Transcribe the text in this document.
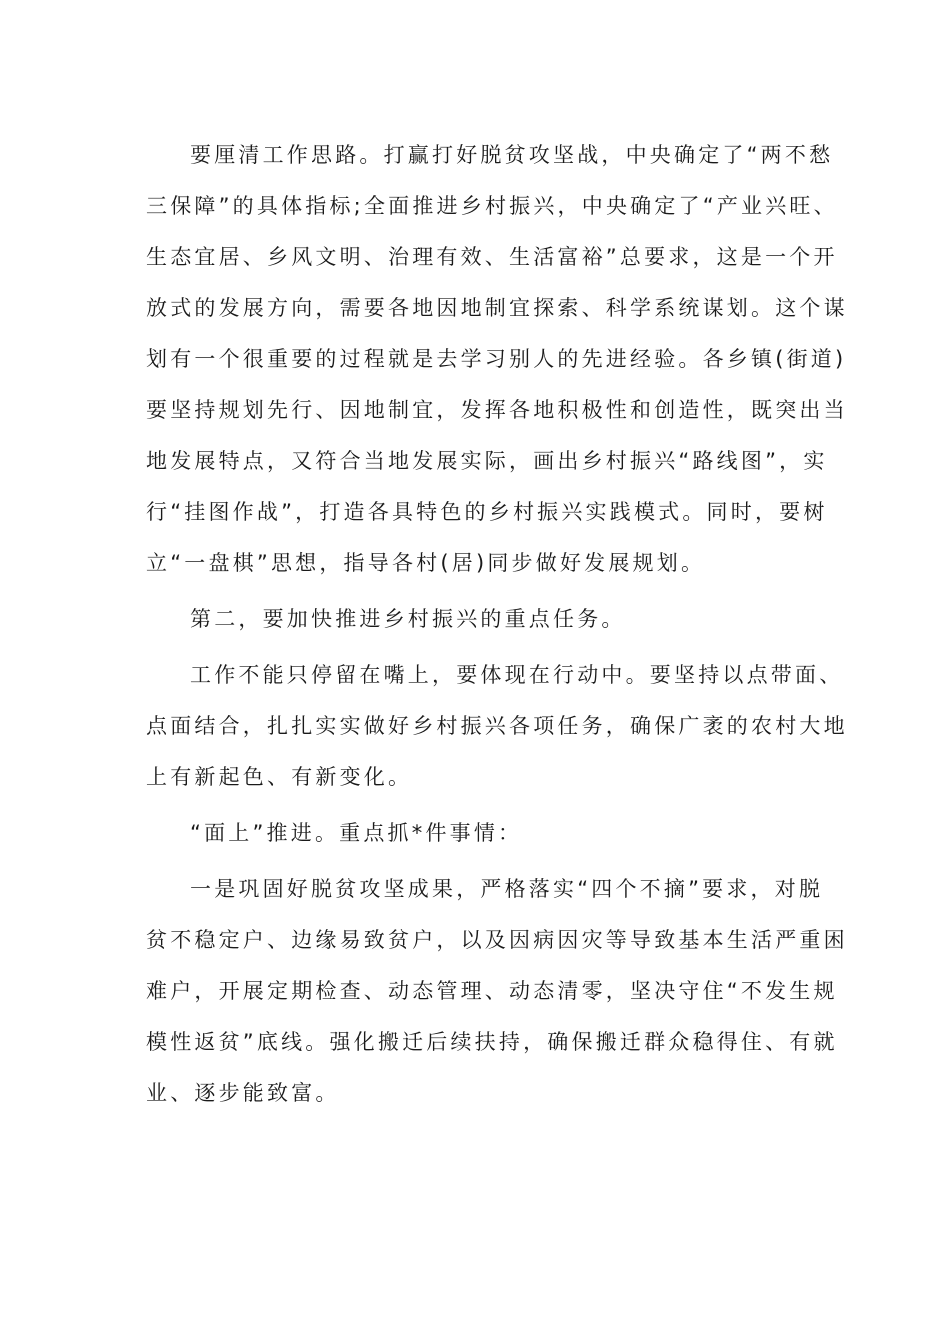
要厘清工作思路。打赢打好脱贫攻坚战，中央确定了“两不愁
三保障”的具体指标;全面推进乡村振兴，中央确定了“产业兴旺、
生态宜居、乡风文明、治理有效、生活富裕”总要求，这是一个开
放式的发展方向，需要各地因地制宜探索、科学系统谋划。这个谋
划有一个很重要的过程就是去学习别人的先进经验。各乡镇(街道)
要坚持规划先行、因地制宜，发挥各地积极性和创造性，既突出当
地发展特点，又符合当地发展实际，画出乡村振兴“路线图”，实
行“挂图作战”，打造各具特色的乡村振兴实践模式。同时，要树
立“一盘棋”思想，指导各村(居)同步做好发展规划。
第二，要加快推进乡村振兴的重点任务。
工作不能只停留在嘴上，要体现在行动中。要坚持以点带面、
点面结合，扎扎实实做好乡村振兴各项任务，确保广袤的农村大地
上有新起色、有新变化。
“面上”推进。重点抓*件事情：
一是巩固好脱贫攻坚成果，严格落实“四个不摘”要求，对脱
贫不稳定户、边缘易致贫户，以及因病因灾等导致基本生活严重困
难户，开展定期检查、动态管理、动态清零，坚决守住“不发生规
模性返贫”底线。强化搬迁后续扶持，确保搬迁群众稳得住、有就
业、逐步能致富。
